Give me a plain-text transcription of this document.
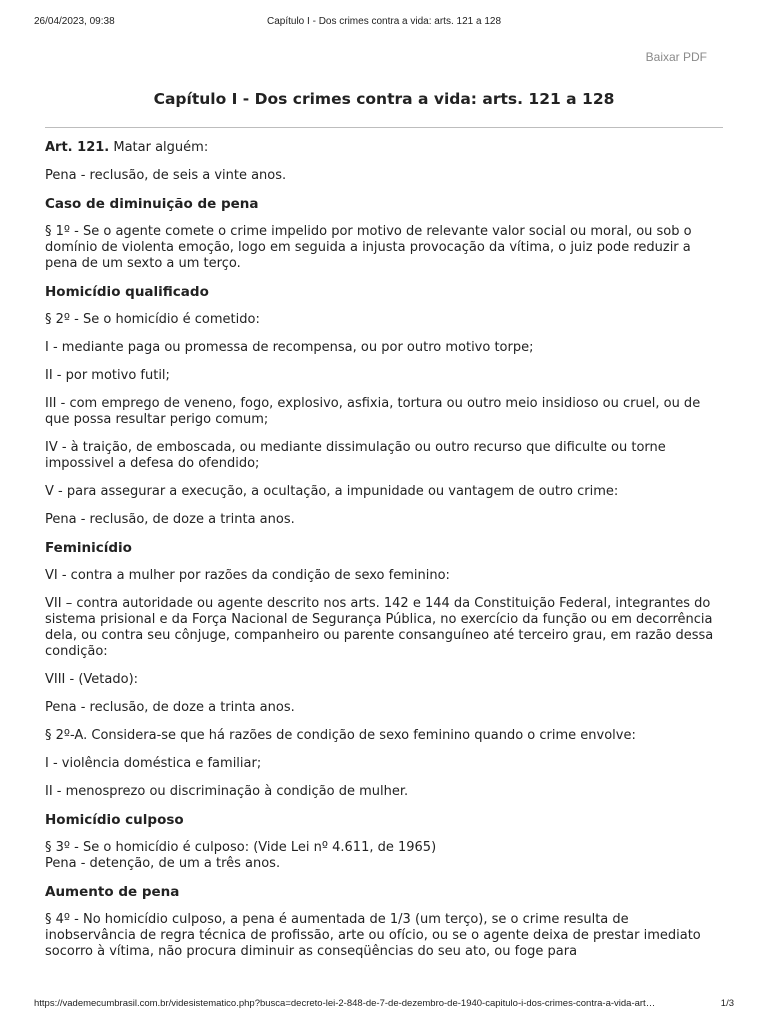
26/04/2023, 09:38	Capítulo I - Dos crimes contra a vida: arts. 121 a 128
Baixar PDF
Capítulo I - Dos crimes contra a vida: arts. 121 a 128

Art. 121. Matar alguém:

Pena - reclusão, de seis a vinte anos.

Caso de diminuição de pena

§ 1º - Se o agente comete o crime impelido por motivo de relevante valor social ou moral, ou sob o domínio de violenta emoção, logo em seguida a injusta provocação da vítima, o juiz pode reduzir a pena de um sexto a um terço.

Homicídio qualificado

§ 2º - Se o homicídio é cometido:

I - mediante paga ou promessa de recompensa, ou por outro motivo torpe;

II - por motivo futil;

III - com emprego de veneno, fogo, explosivo, asfixia, tortura ou outro meio insidioso ou cruel, ou de que possa resultar perigo comum;

IV - à traição, de emboscada, ou mediante dissimulação ou outro recurso que dificulte ou torne impossivel a defesa do ofendido;

V - para assegurar a execução, a ocultação, a impunidade ou vantagem de outro crime:

Pena - reclusão, de doze a trinta anos.

Feminicídio

VI - contra a mulher por razões da condição de sexo feminino:

VII – contra autoridade ou agente descrito nos arts. 142 e 144 da Constituição Federal, integrantes do sistema prisional e da Força Nacional de Segurança Pública, no exercício da função ou em decorrência dela, ou contra seu cônjuge, companheiro ou parente consanguíneo até terceiro grau, em razão dessa condição:

VIII - (Vetado):

Pena - reclusão, de doze a trinta anos.

§ 2º-A. Considera-se que há razões de condição de sexo feminino quando o crime envolve:

I - violência doméstica e familiar;

II - menosprezo ou discriminação à condição de mulher.

Homicídio culposo

§ 3º - Se o homicídio é culposo: (Vide Lei nº 4.611, de 1965)
Pena - detenção, de um a três anos.

Aumento de pena

§ 4º - No homicídio culposo, a pena é aumentada de 1/3 (um terço), se o crime resulta de inobservância de regra técnica de profissão, arte ou ofício, ou se o agente deixa de prestar imediato socorro à vítima, não procura diminuir as conseqüências do seu ato, ou foge para

https://vademecumbrasil.com.br/videsistematico.php?busca=decreto-lei-2-848-de-7-de-dezembro-de-1940-capitulo-i-dos-crimes-contra-a-vida-art…	1/3
